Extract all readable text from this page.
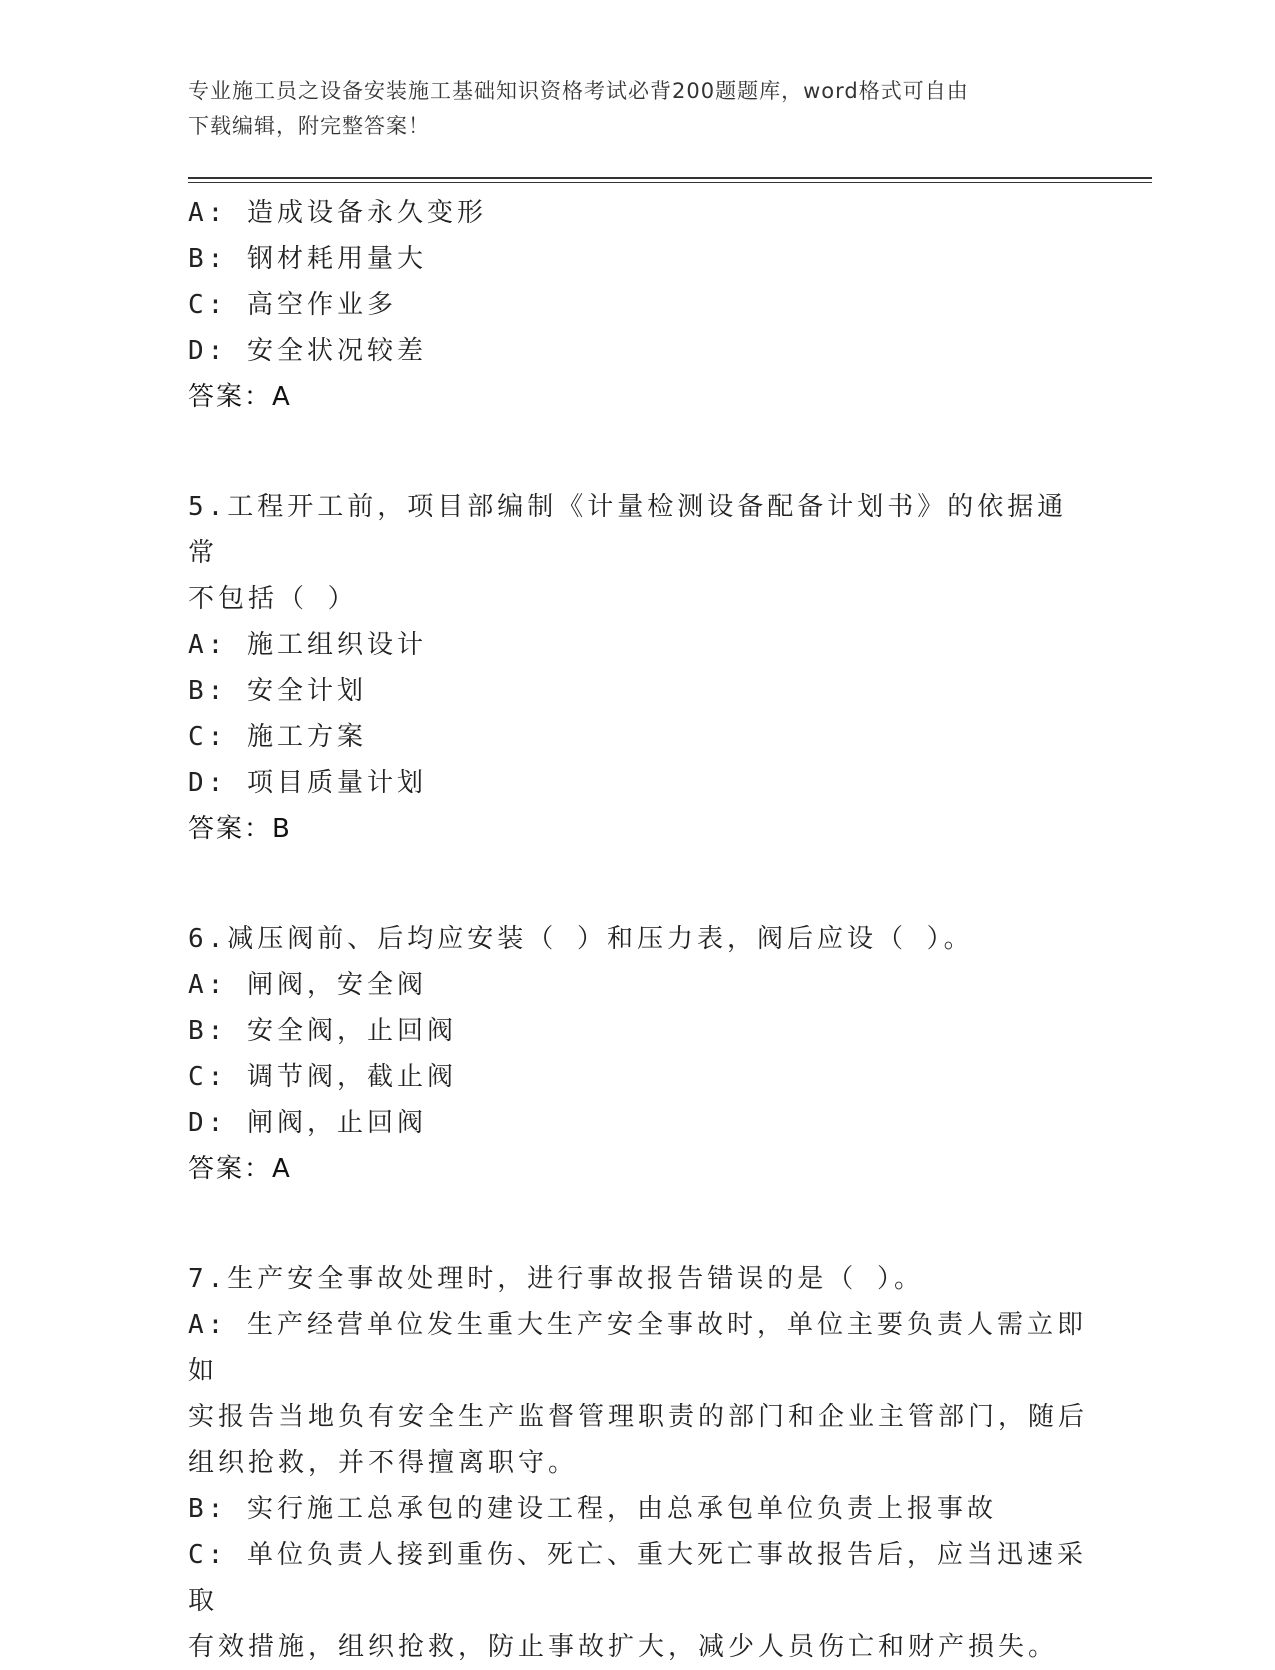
专业施工员之设备安装施工基础知识资格考试必背200题题库，word格式可自由
下载编辑，附完整答案！

A: 造成设备永久变形

B: 钢材耗用量大

C: 高空作业多

D: 安全状况较差

答案：A

5.工程开工前，项目部编制《计量检测设备配备计划书》的依据通常

不包括（ ）

A: 施工组织设计

B: 安全计划

C: 施工方案

D: 项目质量计划

答案：B

6.减压阀前、后均应安装（ ）和压力表，阀后应设（ ）。

A: 闸阀，安全阀

B: 安全阀，止回阀

C: 调节阀，截止阀

D: 闸阀，止回阀

答案：A

7.生产安全事故处理时，进行事故报告错误的是（ ）。

A: 生产经营单位发生重大生产安全事故时，单位主要负责人需立即如

实报告当地负有安全生产监督管理职责的部门和企业主管部门，随后

组织抢救，并不得擅离职守。

B: 实行施工总承包的建设工程，由总承包单位负责上报事故

C: 单位负责人接到重伤、死亡、重大死亡事故报告后，应当迅速采取

有效措施，组织抢救，防止事故扩大，减少人员伤亡和财产损失。
